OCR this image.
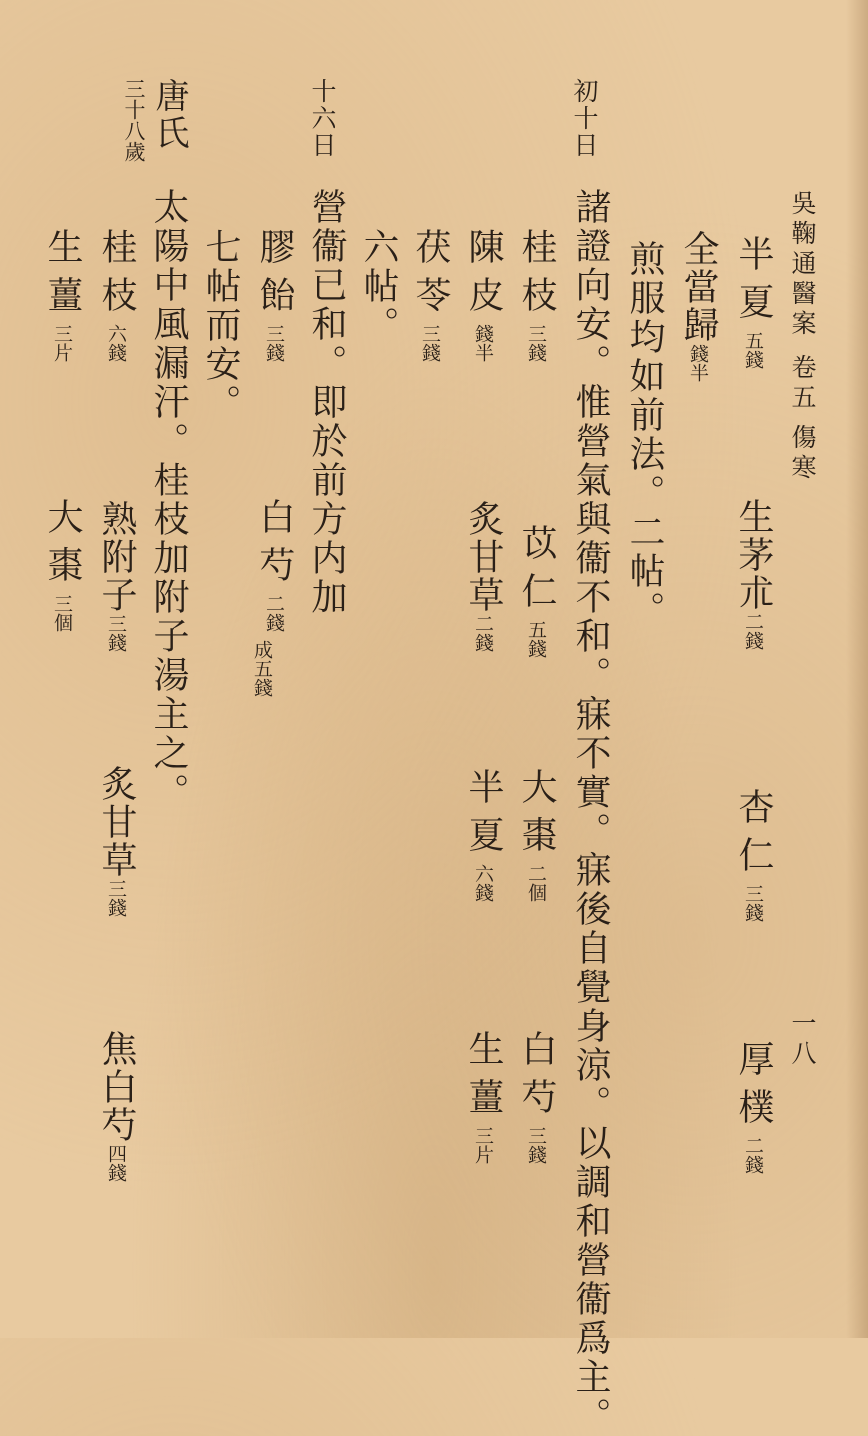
吳鞠通醫案卷五傷寒
一八
半夏五錢
生茅朮二錢
杏仁三錢
厚樸二錢
全當歸錢半
煎服均如前法。二帖。
初十日
諸證向安。惟營氣與衞不和。寐不實。寐後自覺身涼。以調和營衞爲主。
桂枝三錢
苡仁五錢
大棗二個
白芍三錢
陳皮錢半
炙甘草二錢
半夏六錢
生薑三片
茯苓三錢
六帖。
十六日
營衞已和。即於前方内加
膠飴三錢
白芍二錢
成五錢
七帖而安。
唐氏
三十八歲
太陽中風漏汗。桂枝加附子湯主之。
桂枝六錢
熟附子三錢
炙甘草三錢
焦白芍四錢
生薑三片
大棗三個
